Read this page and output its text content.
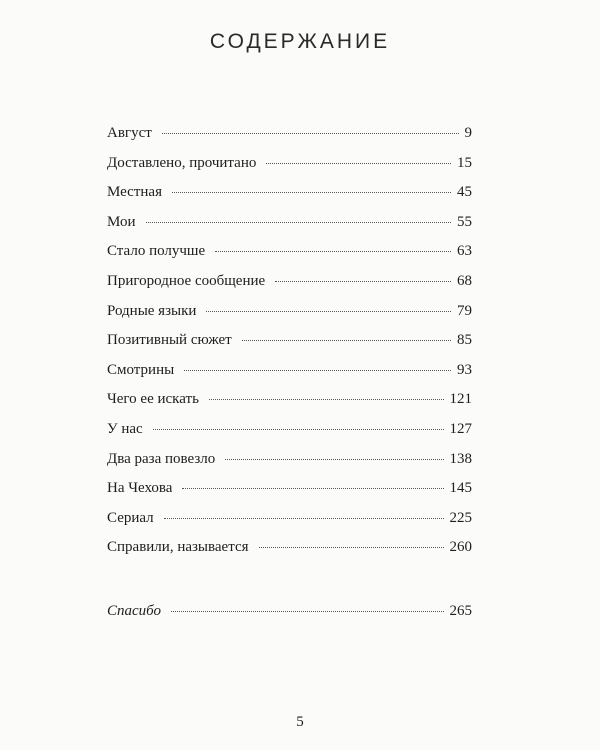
СОДЕРЖАНИЕ
Август	9
Доставлено, прочитано	15
Местная	45
Мои	55
Стало получше	63
Пригородное сообщение	68
Родные языки	79
Позитивный сюжет	85
Смотрины	93
Чего ее искать	121
У нас	127
Два раза повезло	138
На Чехова	145
Сериал	225
Справили, называется	260
Спасибо	265
5
